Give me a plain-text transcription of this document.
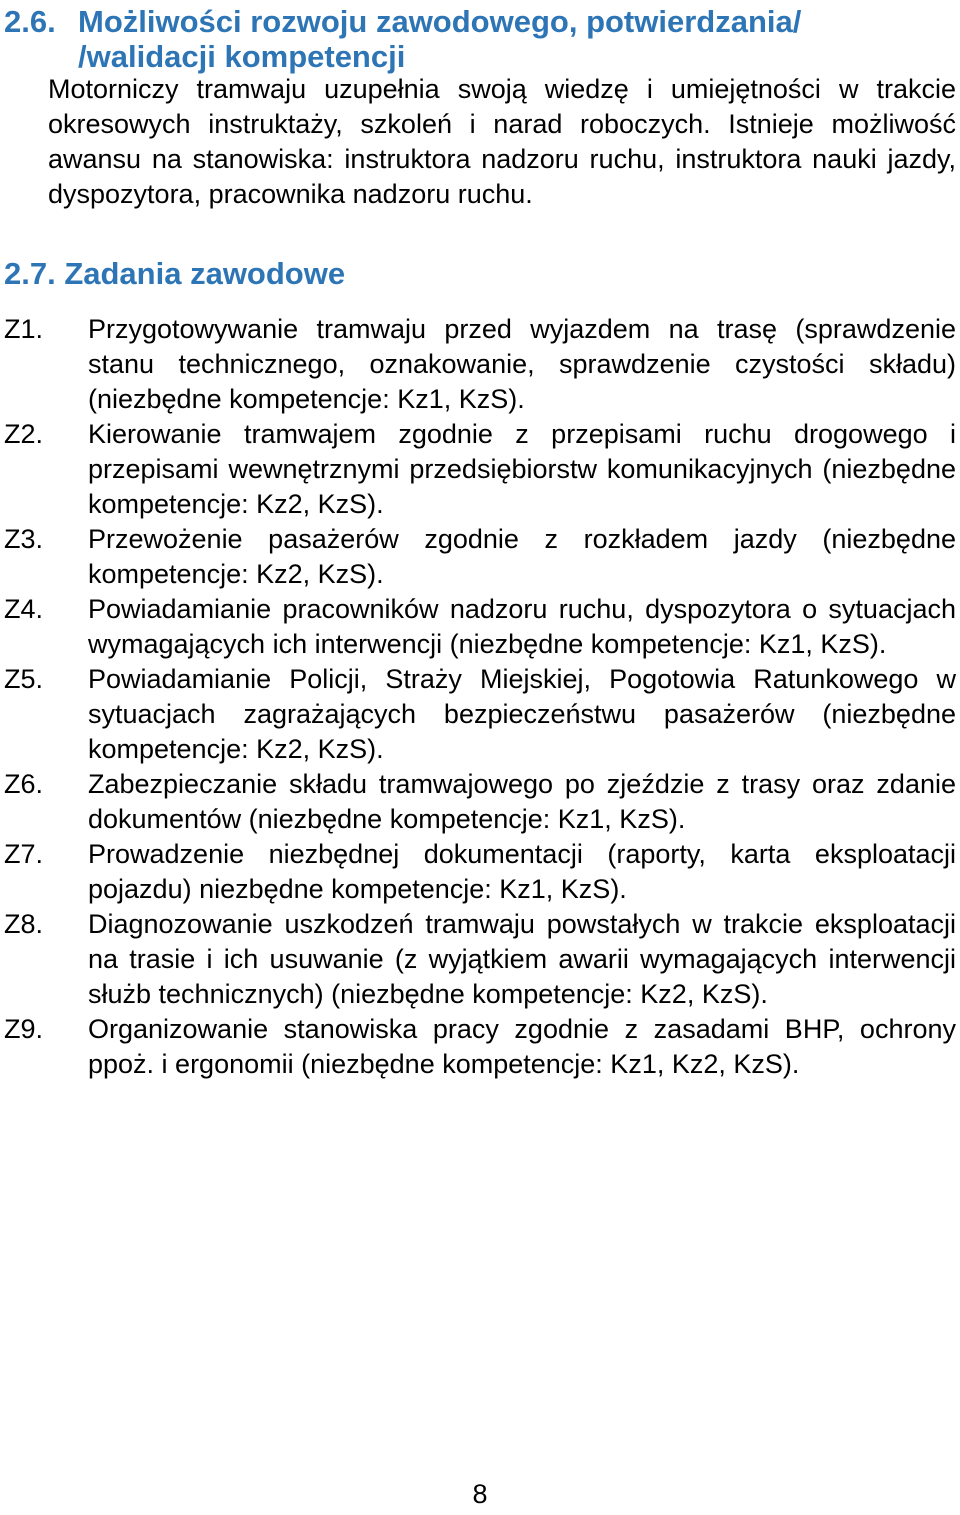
2.6. Możliwości rozwoju zawodowego, potwierdzania/
/walidacji kompetencji

Motorniczy tramwaju uzupełnia swoją wiedzę i umiejętności w trakcie okresowych instruktaży, szkoleń i narad roboczych. Istnieje możliwość awansu na stanowiska: instruktora nadzoru ruchu, instruktora nauki jazdy, dyspozytora, pracownika nadzoru ruchu.

2.7. Zadania zawodowe
Z1.	Przygotowywanie tramwaju przed wyjazdem na trasę (sprawdzenie stanu technicznego, oznakowanie, sprawdzenie czystości składu) (niezbędne kompetencje: Kz1, KzS).
Z2.	Kierowanie tramwajem zgodnie z przepisami ruchu drogowego i przepisami wewnętrznymi przedsiębiorstw komunikacyjnych (niezbędne kompetencje: Kz2, KzS).
Z3.	Przewożenie pasażerów zgodnie z rozkładem jazdy (niezbędne kompetencje: Kz2, KzS).
Z4.	Powiadamianie pracowników nadzoru ruchu, dyspozytora o sytuacjach wymagających ich interwencji (niezbędne kompetencje: Kz1, KzS).
Z5.	Powiadamianie Policji, Straży Miejskiej, Pogotowia Ratunkowego w sytuacjach zagrażających bezpieczeństwu pasażerów (niezbędne kompetencje: Kz2, KzS).
Z6.	Zabezpieczanie składu tramwajowego po zjeździe z trasy oraz zdanie dokumentów (niezbędne kompetencje: Kz1, KzS).
Z7.	Prowadzenie niezbędnej dokumentacji (raporty, karta eksploatacji pojazdu) niezbędne kompetencje: Kz1, KzS).
Z8.	Diagnozowanie uszkodzeń tramwaju powstałych w trakcie eksploatacji na trasie i ich usuwanie (z wyjątkiem awarii wymagających interwencji służb technicznych) (niezbędne kompetencje: Kz2, KzS).
Z9.	Organizowanie stanowiska pracy zgodnie z zasadami BHP, ochrony ppoż. i ergonomii (niezbędne kompetencje: Kz1, Kz2, KzS).
8
